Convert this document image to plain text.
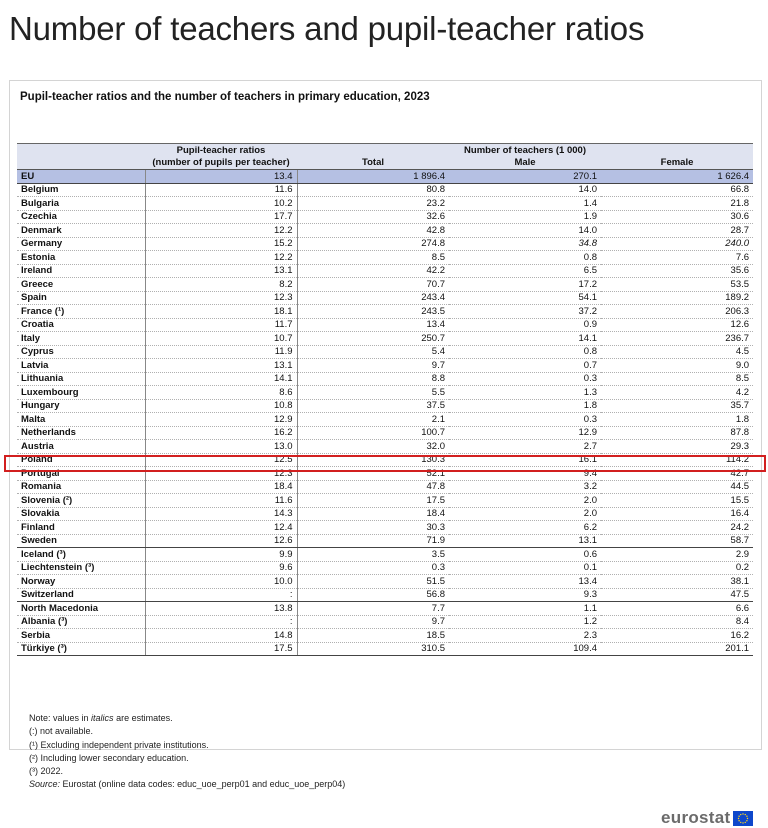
Number of teachers and pupil-teacher ratios
Pupil-teacher ratios and the number of teachers in primary education, 2023
	Pupil-teacher ratios	Number of teachers (1 000)		
	(number of pupils per teacher)	Total	Male	Female
EU	13.4	1 896.4	270.1	1 626.4
Belgium	11.6	80.8	14.0	66.8
Bulgaria	10.2	23.2	1.4	21.8
Czechia	17.7	32.6	1.9	30.6
Denmark	12.2	42.8	14.0	28.7
Germany	15.2	274.8	34.8	240.0
Estonia	12.2	8.5	0.8	7.6
Ireland	13.1	42.2	6.5	35.6
Greece	8.2	70.7	17.2	53.5
Spain	12.3	243.4	54.1	189.2
France (¹)	18.1	243.5	37.2	206.3
Croatia	11.7	13.4	0.9	12.6
Italy	10.7	250.7	14.1	236.7
Cyprus	11.9	5.4	0.8	4.5
Latvia	13.1	9.7	0.7	9.0
Lithuania	14.1	8.8	0.3	8.5
Luxembourg	8.6	5.5	1.3	4.2
Hungary	10.8	37.5	1.8	35.7
Malta	12.9	2.1	0.3	1.8
Netherlands	16.2	100.7	12.9	87.8
Austria	13.0	32.0	2.7	29.3
Poland	12.5	130.3	16.1	114.2
Portugal	12.3	52.1	9.4	42.7
Romania	18.4	47.8	3.2	44.5
Slovenia (²)	11.6	17.5	2.0	15.5
Slovakia	14.3	18.4	2.0	16.4
Finland	12.4	30.3	6.2	24.2
Sweden	12.6	71.9	13.1	58.7
Iceland (³)	9.9	3.5	0.6	2.9
Liechtenstein (³)	9.6	0.3	0.1	0.2
Norway	10.0	51.5	13.4	38.1
Switzerland	:	56.8	9.3	47.5
North Macedonia	13.8	7.7	1.1	6.6
Albania (³)	:	9.7	1.2	8.4
Serbia	14.8	18.5	2.3	16.2
Türkiye (³)	17.5	310.5	109.4	201.1
Note: values in italics are estimates.
(:) not available.
(¹) Excluding independent private institutions.
(²) Including lower secondary education.
(³) 2022.
Source: Eurostat (online data codes: educ_uoe_perp01 and educ_uoe_perp04)
eurostat
